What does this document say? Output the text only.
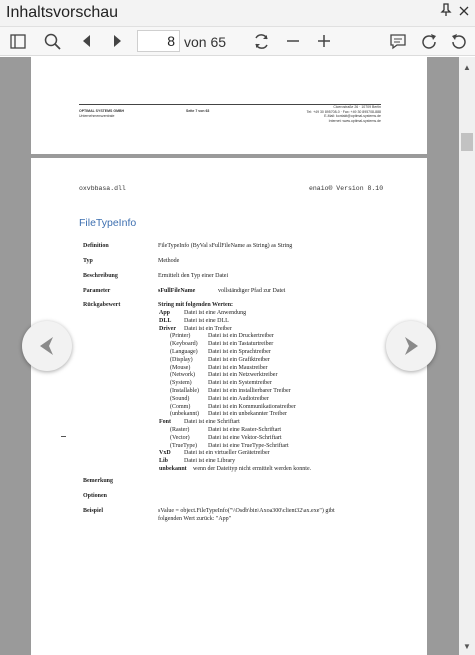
Inhaltsvorschau
8
von 65
OPTIMAL SYSTEMS GMBH
Unternehmenszentrale
Seite 7 von 63
Cicerostraße 26 · 10709 Berlin
Tel: +49 30 895708-0 · Fax: +49 30 895708-888
E-Mail: kontakt@optimal-systems.de
Internet: www.optimal-systems.de
oxvbbasa.dll	enaio® Version 8.10
FileTypeInfo
Definition	FileTypeInfo (ByVal sFullFileName as String) as String
Typ	Methode
Beschreibung	Ermittelt den Typ einer Datei
Parameter	sFullFileName	vollständiger Pfad zur Datei
Rückgabewert	String mit folgenden Werten:
App Datei ist eine Anwendung
DLL Datei ist eine DLL
Driver Datei ist ein Treiber
(Printer)	Datei ist ein Druckertreiber
(Keyboard) Datei ist ein Tastaturtreiber
(Language) Datei ist ein Sprachtreiber
(Display)	Datei ist ein Grafiktreiber
(Mouse)	Datei ist ein Maustreiber
(Network) Datei ist ein Netzwerktreiber
(System)	Datei ist ein Systemtreiber
(Installable) Datei ist ein installierbarer Treiber
(Sound)	Datei ist ein Audiotreiber
(Comm)	Datei ist ein Kommunikationstreiber
(unbekannt) Datei ist ein unbekannter Treiber
Font Datei ist eine Schriftart
(Raster)	Datei ist eine Raster-Schriftart
(Vector)	Datei ist eine Vektor-Schriftart
(TrueType) Datei ist eine TrueType-Schriftart
VxD Datei ist ein virtueller Gerätetreiber
Lib	Datei ist eine Library
unbekannt wenn der Dateityp nicht ermittelt werden konnte.
Bemerkung
Optionen
Beispiel	sValue = object.FileTypeInfo("\\Osdb\bin\Axoa300\client32\ax.exe") gibt
folgenden Wert zurück: "App"
▲
▼
